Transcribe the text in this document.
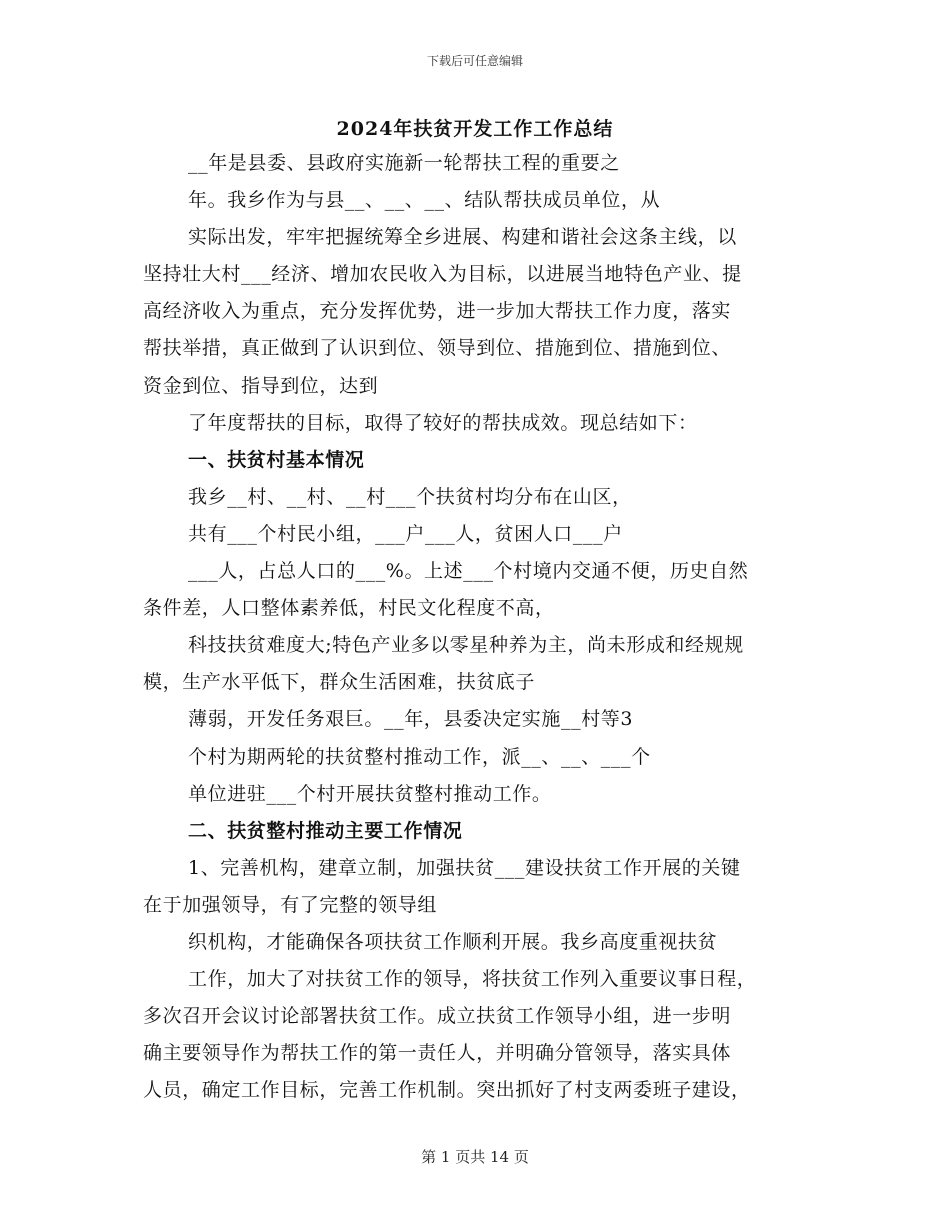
下载后可任意编辑
2024年扶贫开发工作工作总结
__年是县委、县政府实施新一轮帮扶工程的重要之
年。我乡作为与县__、__、__、结队帮扶成员单位，从
实际出发，牢牢把握统筹全乡进展、构建和谐社会这条主线，以
坚持壮大村___经济、增加农民收入为目标，以进展当地特色产业、提
高经济收入为重点，充分发挥优势，进一步加大帮扶工作力度，落实
帮扶举措，真正做到了认识到位、领导到位、措施到位、措施到位、
资金到位、指导到位，达到
了年度帮扶的目标，取得了较好的帮扶成效。现总结如下：
一、扶贫村基本情况
我乡__村、__村、__村___个扶贫村均分布在山区，
共有___个村民小组，___户___人，贫困人口___户
___人，占总人口的___%。上述___个村境内交通不便，历史自然
条件差，人口整体素养低，村民文化程度不高，
科技扶贫难度大;特色产业多以零星种养为主，尚未形成和经规规
模，生产水平低下，群众生活困难，扶贫底子
薄弱，开发任务艰巨。__年，县委决定实施__村等3
个村为期两轮的扶贫整村推动工作，派__、__、___个
单位进驻___个村开展扶贫整村推动工作。
二、扶贫整村推动主要工作情况
1、完善机构，建章立制，加强扶贫___建设扶贫工作开展的关键
在于加强领导，有了完整的领导组
织机构，才能确保各项扶贫工作顺利开展。我乡高度重视扶贫
工作，加大了对扶贫工作的领导，将扶贫工作列入重要议事日程，
多次召开会议讨论部署扶贫工作。成立扶贫工作领导小组，进一步明
确主要领导作为帮扶工作的第一责任人，并明确分管领导，落实具体
人员，确定工作目标，完善工作机制。突出抓好了村支两委班子建设，
第 1 页共 14 页
